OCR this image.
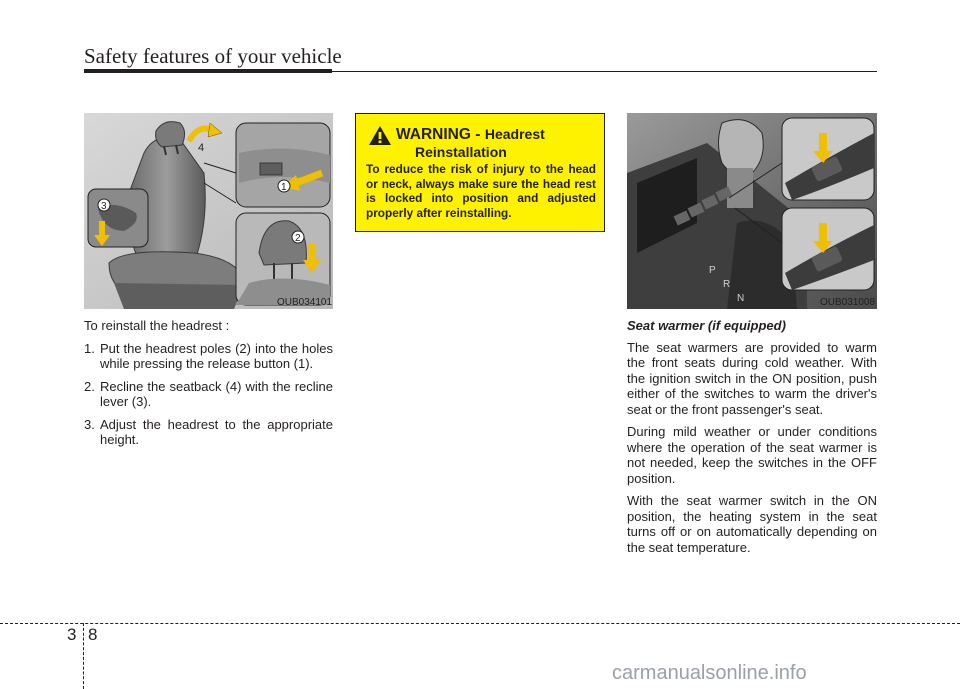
Safety features of your vehicle
4
3
1
2
OUB034101

To reinstall the headrest :

1. Put the headrest poles (2) into the holes while pressing the release button (1).
2. Recline the seatback (4) with the recline lever (3).
3. Adjust the headrest to the appropriate height.
WARNING - Headrest
Reinstallation
To reduce the risk of injury to the head or neck, always make sure the head rest is locked into position and adjusted properly after reinstalling.
P
R
N	OUB031008

Seat warmer (if equipped)

The seat warmers are provided to warm the front seats during cold weather. With the ignition switch in the ON position, push either of the switches to warm the driver's seat or the front passenger's seat.

During mild weather or under conditions where the operation of the seat warmer is not needed, keep the switches in the OFF position.

With the seat warmer switch in the ON position, the heating system in the seat turns off or on automatically depending on the seat temperature.

3 8
carmanualsonline.info
